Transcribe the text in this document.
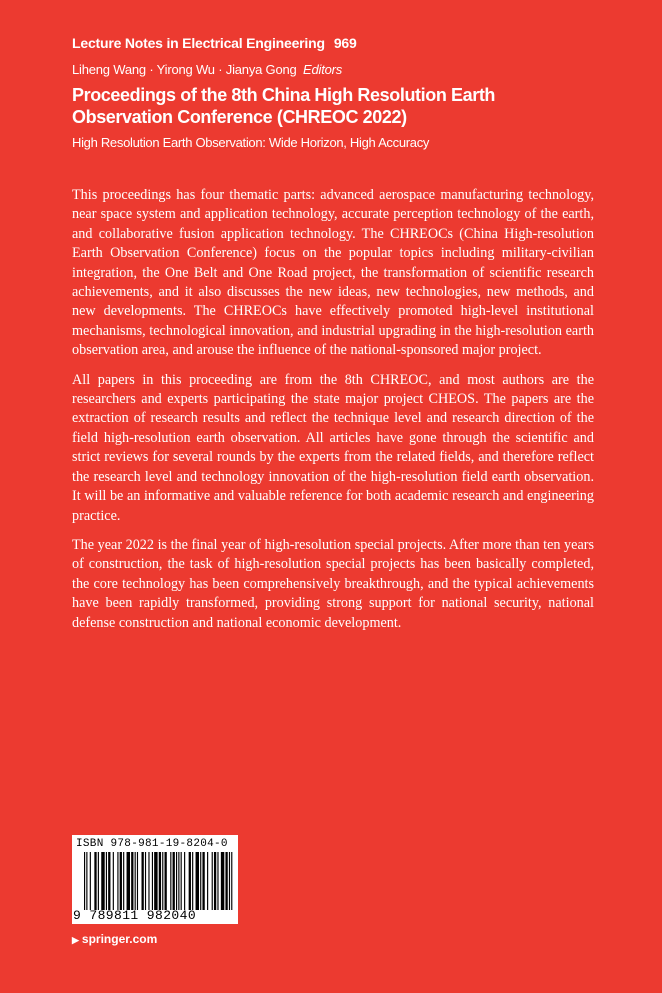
Lecture Notes in Electrical Engineering 969
Liheng Wang · Yirong Wu · Jianya Gong Editors
Proceedings of the 8th China High Resolution Earth Observation Conference (CHREOC 2022)
High Resolution Earth Observation: Wide Horizon, High Accuracy

This proceedings has four thematic parts: advanced aerospace manufacturing technology, near space system and application technology, accurate perception technology of the earth, and collaborative fusion application technology. The CHREOCs (China High-resolution Earth Observation Conference) focus on the popular topics including military-civilian integration, the One Belt and One Road project, the transformation of scientific research achievements, and it also discusses the new ideas, new technologies, new methods, and new developments. The CHREOCs have effectively promoted high-level institutional mechanisms, technological innovation, and industrial upgrading in the high-resolution earth observation area, and arouse the influence of the national-sponsored major project.

All papers in this proceeding are from the 8th CHREOC, and most authors are the researchers and experts participating the state major project CHEOS. The papers are the extraction of research results and reflect the technique level and research direction of the field high-resolution earth observation. All articles have gone through the scientific and strict reviews for several rounds by the experts from the related fields, and therefore reflect the research level and technology innovation of the high-resolution field earth observation. It will be an informative and valuable reference for both academic research and engineering practice.

The year 2022 is the final year of high-resolution special projects. After more than ten years of construction, the task of high-resolution special projects has been basically completed, the core technology has been comprehensively breakthrough, and the typical achievements have been rapidly transformed, providing strong support for national security, national defense construction and national economic development.

ISBN 978-981-19-8204-0
9 789811 982040
▶ springer.com
